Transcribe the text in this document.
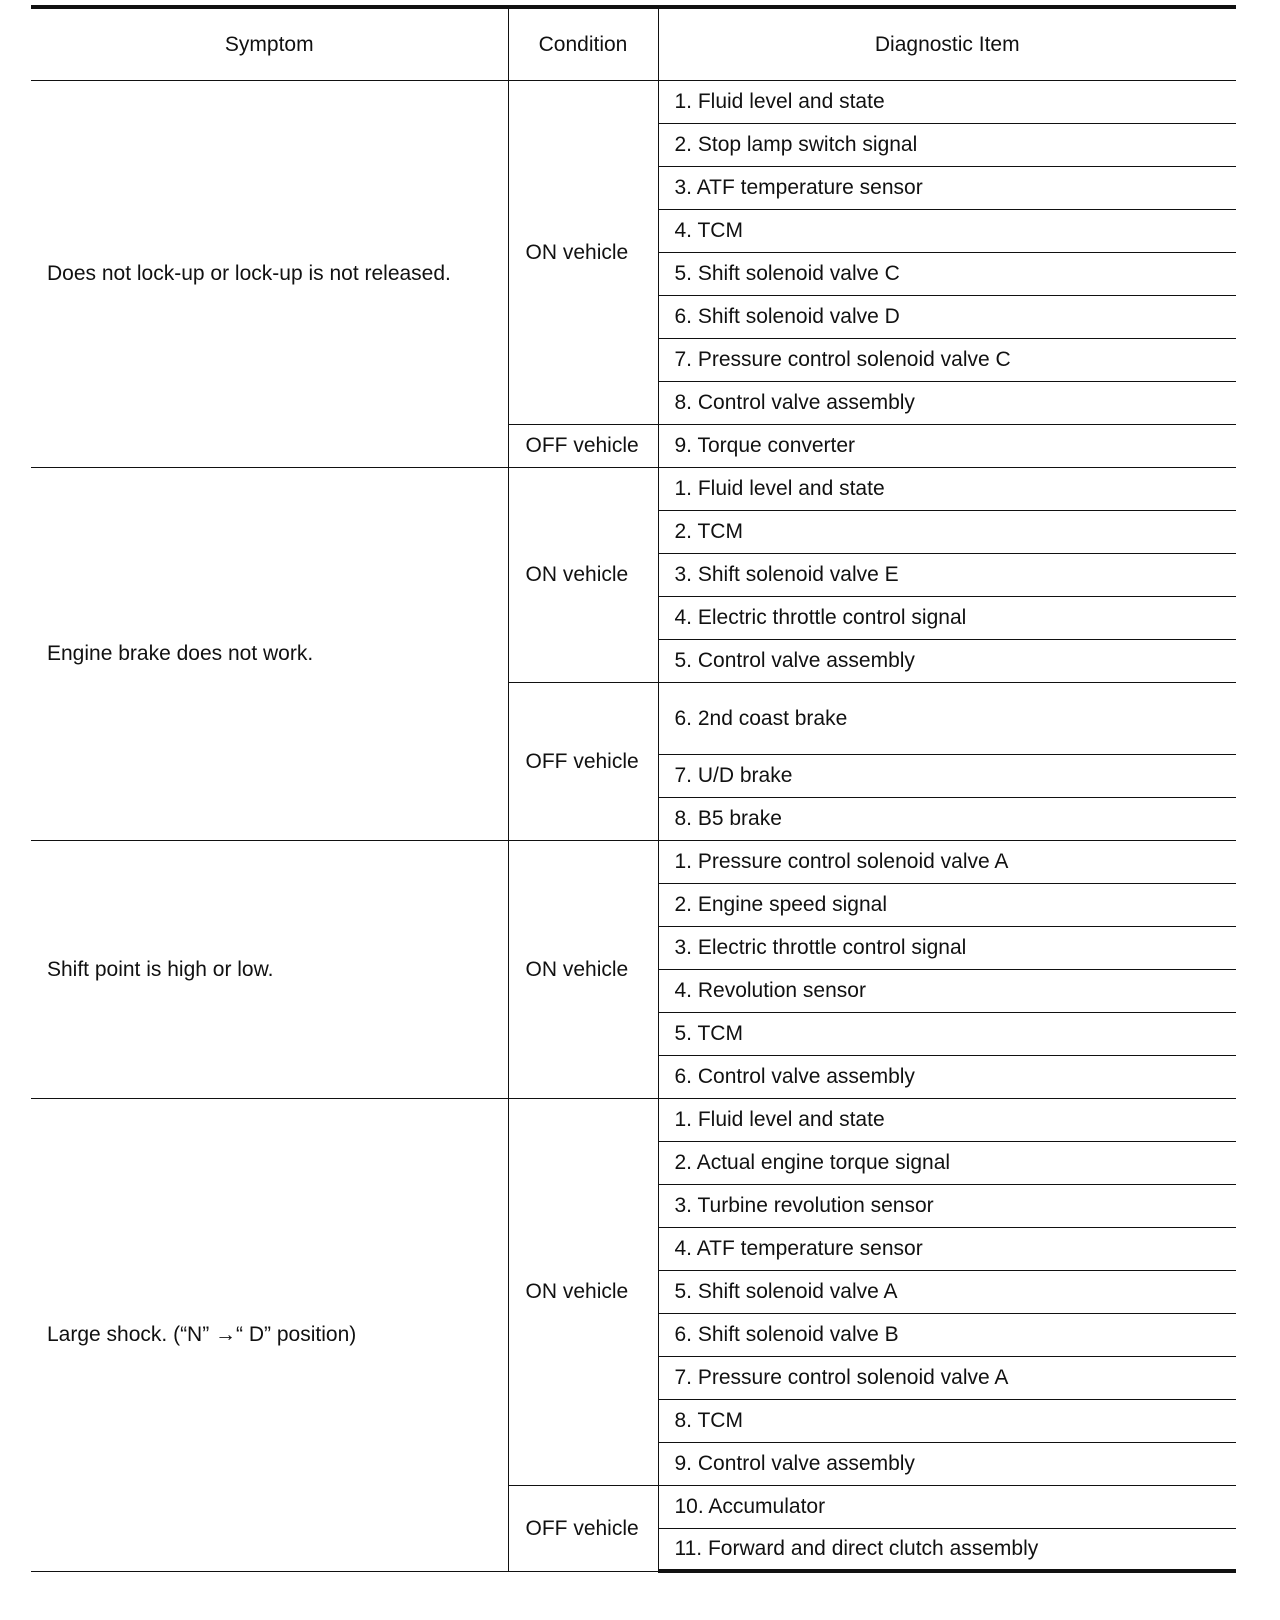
Symptom	Condition	Diagnostic Item
Does not lock-up or lock-up is not released.	ON vehicle	1. Fluid level and state
		2. Stop lamp switch signal
		3. ATF temperature sensor
		4. TCM
		5. Shift solenoid valve C
		6. Shift solenoid valve D
		7. Pressure control solenoid valve C
		8. Control valve assembly
	OFF vehicle	9. Torque converter
Engine brake does not work.	ON vehicle	1. Fluid level and state
		2. TCM
		3. Shift solenoid valve E
		4. Electric throttle control signal
		5. Control valve assembly
	OFF vehicle	6. 2nd coast brake
		7. U/D brake
		8. B5 brake
Shift point is high or low.	ON vehicle	1. Pressure control solenoid valve A
		2. Engine speed signal
		3. Electric throttle control signal
		4. Revolution sensor
		5. TCM
		6. Control valve assembly
Large shock. (“N” →“ D” position)	ON vehicle	1. Fluid level and state
		2. Actual engine torque signal
		3. Turbine revolution sensor
		4. ATF temperature sensor
		5. Shift solenoid valve A
		6. Shift solenoid valve B
		7. Pressure control solenoid valve A
		8. TCM
		9. Control valve assembly
	OFF vehicle	10. Accumulator
		11. Forward and direct clutch assembly
